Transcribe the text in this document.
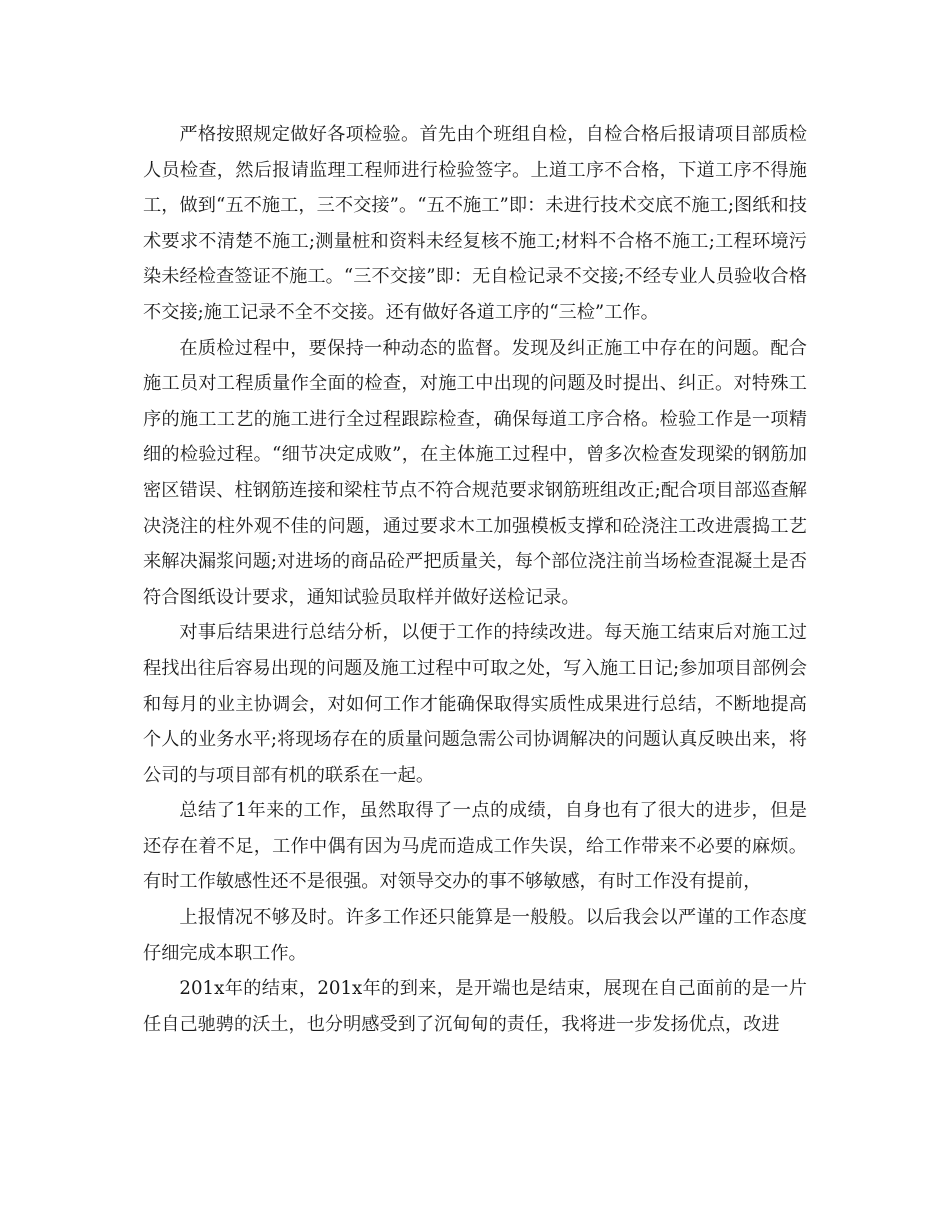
严格按照规定做好各项检验。首先由个班组自检，自检合格后报请项目部质检人员检查，然后报请监理工程师进行检验签字。上道工序不合格，下道工序不得施工，做到“五不施工，三不交接”。“五不施工”即：未进行技术交底不施工;图纸和技术要求不清楚不施工;测量桩和资料未经复核不施工;材料不合格不施工;工程环境污染未经检查签证不施工。“三不交接”即：无自检记录不交接;不经专业人员验收合格不交接;施工记录不全不交接。还有做好各道工序的“三检”工作。

在质检过程中，要保持一种动态的监督。发现及纠正施工中存在的问题。配合施工员对工程质量作全面的检查，对施工中出现的问题及时提出、纠正。对特殊工序的施工工艺的施工进行全过程跟踪检查，确保每道工序合格。检验工作是一项精细的检验过程。“细节决定成败”，在主体施工过程中，曾多次检查发现梁的钢筋加密区错误、柱钢筋连接和梁柱节点不符合规范要求钢筋班组改正;配合项目部巡查解决浇注的柱外观不佳的问题，通过要求木工加强模板支撑和砼浇注工改进震捣工艺来解决漏浆问题;对进场的商品砼严把质量关，每个部位浇注前当场检查混凝土是否符合图纸设计要求，通知试验员取样并做好送检记录。

对事后结果进行总结分析，以便于工作的持续改进。每天施工结束后对施工过程找出往后容易出现的问题及施工过程中可取之处，写入施工日记;参加项目部例会和每月的业主协调会，对如何工作才能确保取得实质性成果进行总结，不断地提高个人的业务水平;将现场存在的质量问题急需公司协调解决的问题认真反映出来，将公司的与项目部有机的联系在一起。

总结了1年来的工作，虽然取得了一点的成绩，自身也有了很大的进步，但是还存在着不足，工作中偶有因为马虎而造成工作失误，给工作带来不必要的麻烦。有时工作敏感性还不是很强。对领导交办的事不够敏感，有时工作没有提前，

上报情况不够及时。许多工作还只能算是一般般。以后我会以严谨的工作态度仔细完成本职工作。

201x年的结束，201x年的到来，是开端也是结束，展现在自己面前的是一片任自己驰骋的沃土，也分明感受到了沉甸甸的责任，我将进一步发扬优点，改进
